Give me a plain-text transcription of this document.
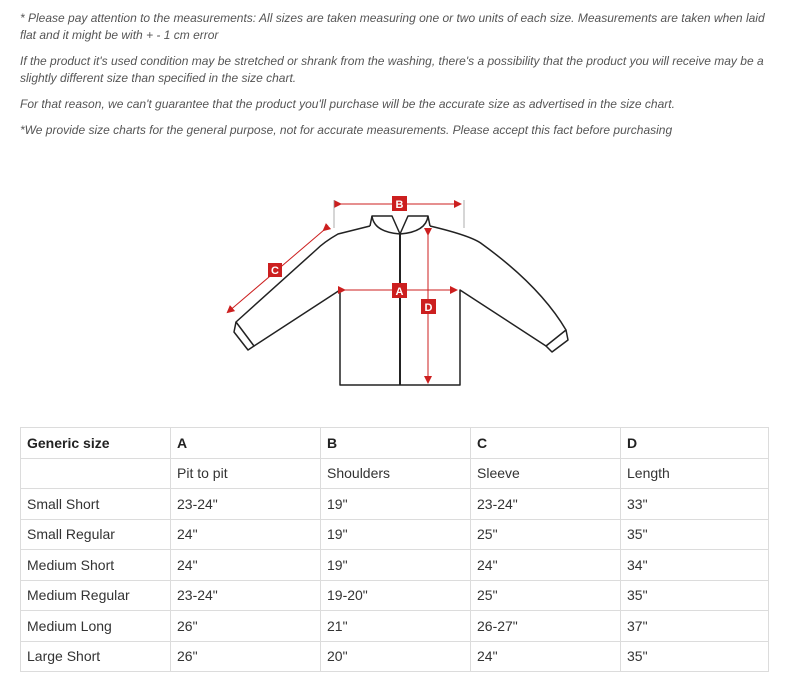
* Please pay attention to the measurements: All sizes are taken measuring one or two units of each size. Measurements are taken when laid flat and it might be with + - 1 cm error

If the product it's used condition may be stretched or shrank from the washing, there's a possibility that the product you will receive may be a slightly different size than specified in the size chart.

For that reason, we can't guarantee that the product you'll purchase will be the accurate size as advertised in the size chart.

*We provide size charts for the general purpose, not for accurate measurements. Please accept this fact before purchasing

B
C
A
D
Generic size	A	B	C	D
	Pit to pit	Shoulders	Sleeve	Length
Small Short	23-24"	19"	23-24"	33"
Small Regular	24"	19"	25"	35"
Medium Short	24"	19"	24"	34"
Medium Regular	23-24"	19-20"	25"	35"
Medium Long	26"	21"	26-27"	37"
Large Short	26"	20"	24"	35"
